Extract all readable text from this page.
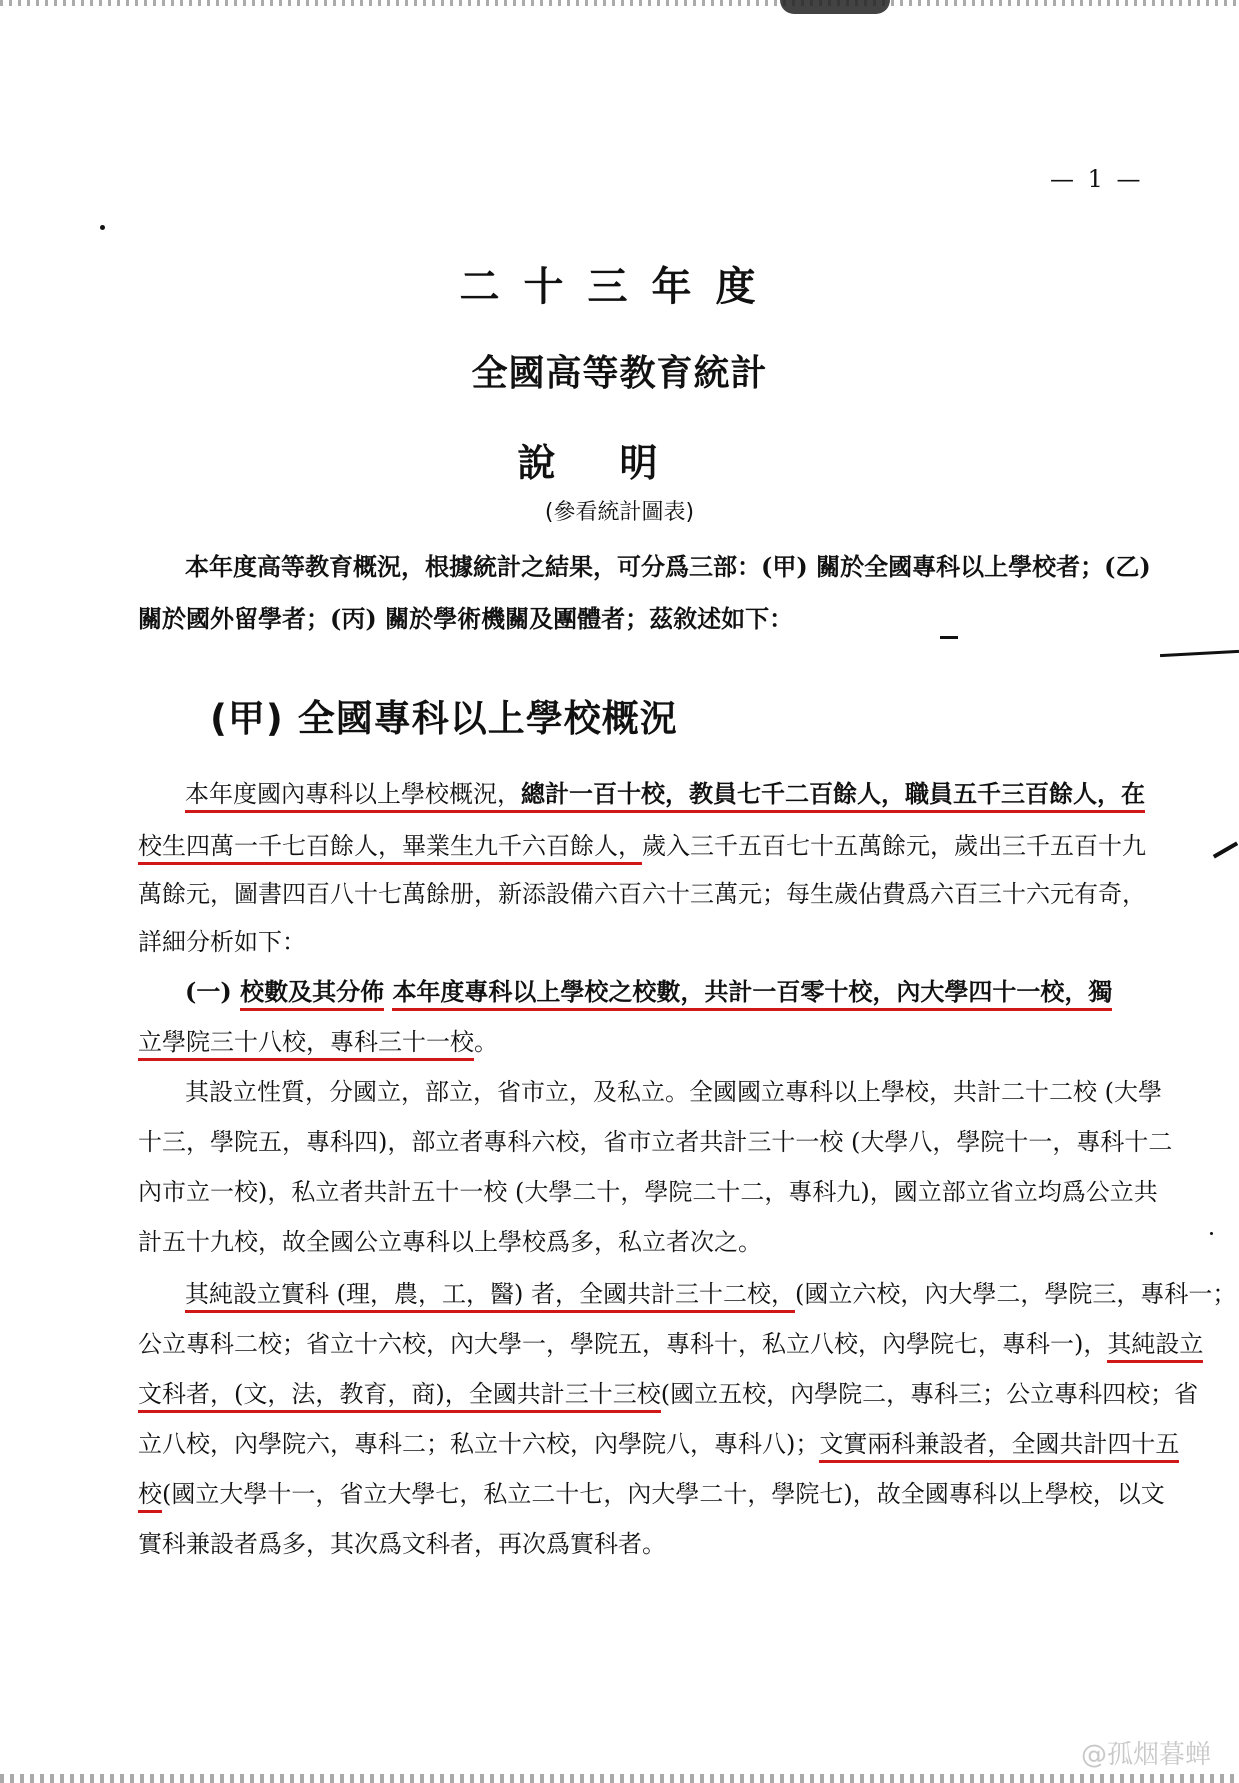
— 1 —
二十三年度
全國高等教育統計
說明
(參看統計圖表)
本年度高等教育概況，根據統計之結果，可分爲三部：(甲) 關於全國專科以上學校者；(乙)
關於國外留學者；(丙) 關於學術機關及團體者；茲敘述如下：
(甲) 全國專科以上學校概況
本年度國內專科以上學校概況，總計一百十校，教員七千二百餘人，職員五千三百餘人，在
校生四萬一千七百餘人，畢業生九千六百餘人，歲入三千五百七十五萬餘元，歲出三千五百十九
萬餘元，圖書四百八十七萬餘册，新添設備六百六十三萬元；每生歲佔費爲六百三十六元有奇，
詳細分析如下：
(一) 校數及其分佈 本年度專科以上學校之校數，共計一百零十校，內大學四十一校，獨
立學院三十八校，專科三十一校。
其設立性質，分國立，部立，省市立，及私立。全國國立專科以上學校，共計二十二校 (大學
十三，學院五，專科四)，部立者專科六校，省市立者共計三十一校 (大學八，學院十一，專科十二
內市立一校)，私立者共計五十一校 (大學二十，學院二十二，專科九)，國立部立省立均爲公立共
計五十九校，故全國公立專科以上學校爲多，私立者次之。
其純設立實科 (理，農，工，醫) 者，全國共計三十二校，(國立六校，內大學二，學院三，專科一；
公立專科二校；省立十六校，內大學一，學院五，專科十，私立八校，內學院七，專科一)，其純設立
文科者，(文，法，教育，商)，全國共計三十三校(國立五校，內學院二，專科三；公立專科四校；省
立八校，內學院六，專科二；私立十六校，內學院八，專科八)；文實兩科兼設者，全國共計四十五
校(國立大學十一，省立大學七，私立二十七，內大學二十，學院七)，故全國專科以上學校，以文
實科兼設者爲多，其次爲文科者，再次爲實科者。
@孤烟暮蝉
